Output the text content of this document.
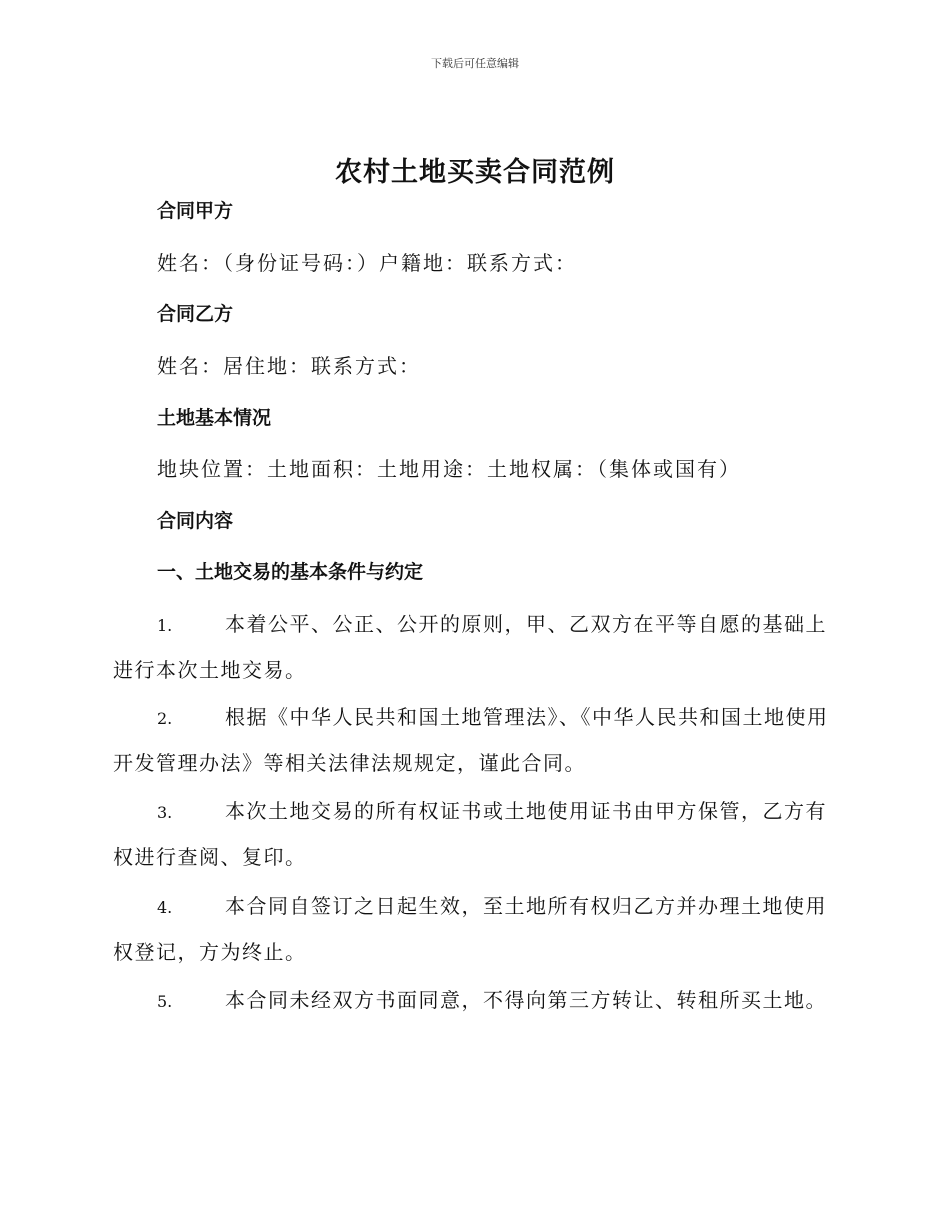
下载后可任意编辑
农村土地买卖合同范例
合同甲方
姓名：（身份证号码：）户籍地：联系方式：
合同乙方
姓名：居住地：联系方式：
土地基本情况
地块位置：土地面积：土地用途：土地权属：（集体或国有）
合同内容
一、土地交易的基本条件与约定
1.	本着公平、公正、公开的原则，甲、乙双方在平等自愿的基础上进行本次土地交易。
2.	根据《中华人民共和国土地管理法》、《中华人民共和国土地使用开发管理办法》等相关法律法规规定，谨此合同。
3.	本次土地交易的所有权证书或土地使用证书由甲方保管，乙方有权进行查阅、复印。
4.	本合同自签订之日起生效，至土地所有权归乙方并办理土地使用权登记，方为终止。
5.	本合同未经双方书面同意，不得向第三方转让、转租所买土地。
